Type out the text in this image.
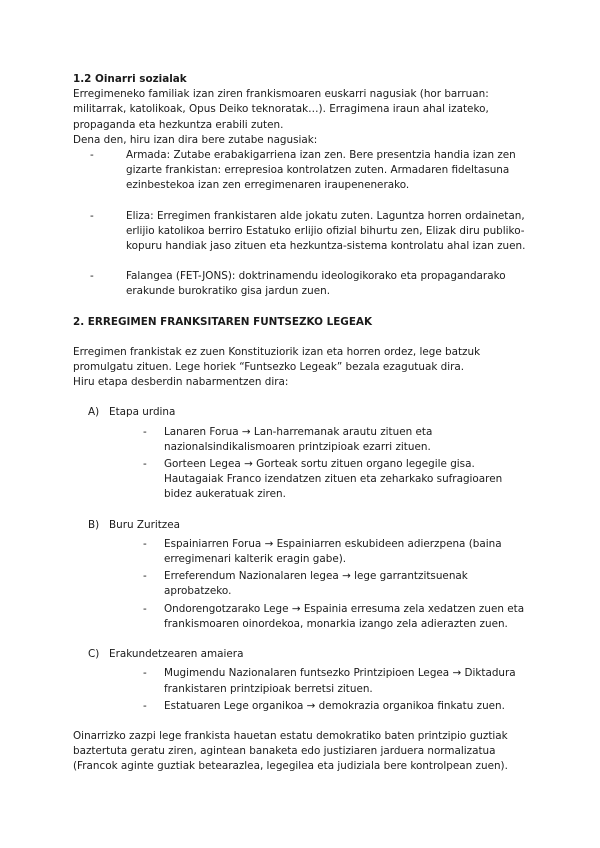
1.2 Oinarri sozialak

Erregimeneko familiak izan ziren frankismoaren euskarri nagusiak (hor barruan: militarrak, katolikoak, Opus Deiko teknoratak…). Erragimena iraun ahal izateko, propaganda eta hezkuntza erabili zuten.

Dena den, hiru izan dira bere zutabe nagusiak:

- Armada: Zutabe erabakigarriena izan zen. Bere presentzia handia izan zen gizarte frankistan: errepresioa kontrolatzen zuten. Armadaren fideltasuna ezinbestekoa izan zen erregimenaren iraupenenerako.
- Eliza: Erregimen frankistaren alde jokatu zuten. Laguntza horren ordainetan, erlijio katolikoa berriro Estatuko erlijio ofizial bihurtu zen, Elizak diru publiko-kopuru handiak jaso zituen eta hezkuntza-sistema kontrolatu ahal izan zuen.
- Falangea (FET-JONS): doktrinamendu ideologikorako eta propagandarako erakunde burokratiko gisa jardun zuen.

2. ERREGIMEN FRANKSITAREN FUNTSEZKO LEGEAK

Erregimen frankistak ez zuen Konstituziorik izan eta horren ordez, lege batzuk promulgatu zituen. Lege horiek “Funtsezko Legeak” bezala ezagutuak dira.

Hiru etapa desberdin nabarmentzen dira:

A) Etapa urdina
- Lanaren Forua → Lan-harremanak arautu zituen eta nazionalsindikalismoaren printzipioak ezarri zituen.
- Gorteen Legea → Gorteak sortu zituen organo legegile gisa. Hautagaiak Franco izendatzen zituen eta zeharkako sufragioaren bidez aukeratuak ziren.
B) Buru Zuritzea
- Espainiarren Forua → Espainiarren eskubideen adierzpena (baina erregimenari kalterik eragin gabe).
- Erreferendum Nazionalaren legea → lege garrantzitsuenak aprobatzeko.
- Ondorengotzarako Lege → Espainia erresuma zela xedatzen zuen eta frankismoaren oinordekoa, monarkia izango zela adierazten zuen.
C) Erakundetzearen amaiera
- Mugimendu Nazionalaren funtsezko Printzipioen Legea → Diktadura frankistaren printzipioak berretsi zituen.
- Estatuaren Lege organikoa → demokrazia organikoa finkatu zuen.

Oinarrizko zazpi lege frankista hauetan estatu demokratiko baten printzipio guztiak baztertuta geratu ziren, agintean banaketa edo justiziaren jarduera normalizatua (Francok aginte guztiak betearazlea, legegilea eta judiziala bere kontrolpean zuen).
